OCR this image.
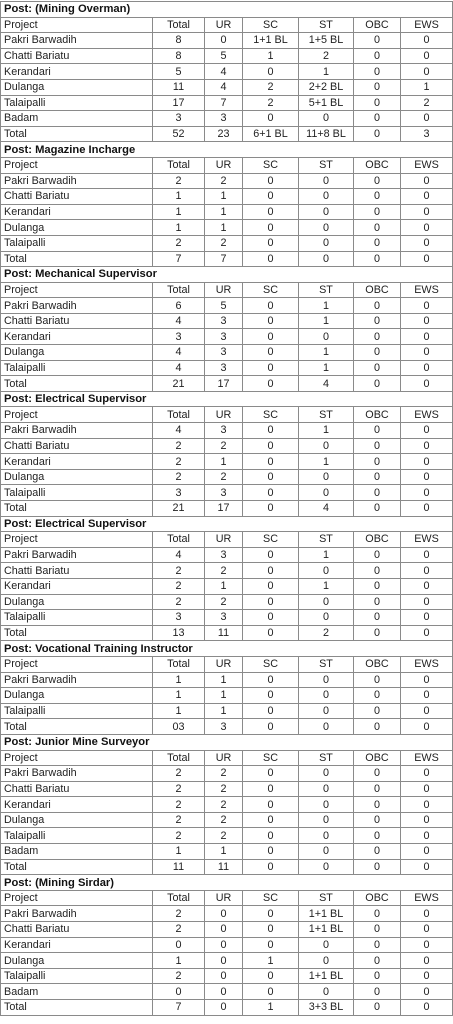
Post: (Mining Overman)						
Project	Total	UR	SC	ST	OBC	EWS
Pakri Barwadih	8	0	1+1 BL	1+5 BL	0	0
Chatti Bariatu	8	5	1	2	0	0
Kerandari	5	4	0	1	0	0
Dulanga	11	4	2	2+2 BL	0	1
Talaipalli	17	7	2	5+1 BL	0	2
Badam	3	3	0	0	0	0
Total	52	23	6+1 BL	11+8 BL	0	3
Post: Magazine Incharge						
Project	Total	UR	SC	ST	OBC	EWS
Pakri Barwadih	2	2	0	0	0	0
Chatti Bariatu	1	1	0	0	0	0
Kerandari	1	1	0	0	0	0
Dulanga	1	1	0	0	0	0
Talaipalli	2	2	0	0	0	0
Total	7	7	0	0	0	0
Post: Mechanical Supervisor						
Project	Total	UR	SC	ST	OBC	EWS
Pakri Barwadih	6	5	0	1	0	0
Chatti Bariatu	4	3	0	1	0	0
Kerandari	3	3	0	0	0	0
Dulanga	4	3	0	1	0	0
Talaipalli	4	3	0	1	0	0
Total	21	17	0	4	0	0
Post: Electrical Supervisor						
Project	Total	UR	SC	ST	OBC	EWS
Pakri Barwadih	4	3	0	1	0	0
Chatti Bariatu	2	2	0	0	0	0
Kerandari	2	1	0	1	0	0
Dulanga	2	2	0	0	0	0
Talaipalli	3	3	0	0	0	0
Total	21	17	0	4	0	0
Post: Electrical Supervisor						
Project	Total	UR	SC	ST	OBC	EWS
Pakri Barwadih	4	3	0	1	0	0
Chatti Bariatu	2	2	0	0	0	0
Kerandari	2	1	0	1	0	0
Dulanga	2	2	0	0	0	0
Talaipalli	3	3	0	0	0	0
Total	13	11	0	2	0	0
Post: Vocational Training Instructor						
Project	Total	UR	SC	ST	OBC	EWS
Pakri Barwadih	1	1	0	0	0	0
Dulanga	1	1	0	0	0	0
Talaipalli	1	1	0	0	0	0
Total	03	3	0	0	0	0
Post: Junior Mine Surveyor						
Project	Total	UR	SC	ST	OBC	EWS
Pakri Barwadih	2	2	0	0	0	0
Chatti Bariatu	2	2	0	0	0	0
Kerandari	2	2	0	0	0	0
Dulanga	2	2	0	0	0	0
Talaipalli	2	2	0	0	0	0
Badam	1	1	0	0	0	0
Total	11	11	0	0	0	0
Post: (Mining Sirdar)						
Project	Total	UR	SC	ST	OBC	EWS
Pakri Barwadih	2	0	0	1+1 BL	0	0
Chatti Bariatu	2	0	0	1+1 BL	0	0
Kerandari	0	0	0	0	0	0
Dulanga	1	0	1	0	0	0
Talaipalli	2	0	0	1+1 BL	0	0
Badam	0	0	0	0	0	0
Total	7	0	1	3+3 BL	0	0
